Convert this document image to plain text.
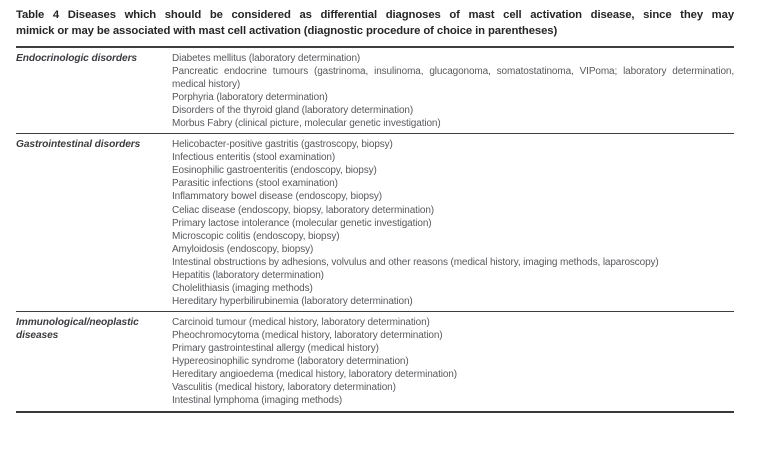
Table 4 Diseases which should be considered as differential diagnoses of mast cell activation disease, since they may
mimick or may be associated with mast cell activation (diagnostic procedure of choice in parentheses)
Endocrinologic disorders	Diabetes mellitus (laboratory determination)
Pancreatic endocrine tumours (gastrinoma, insulinoma, glucagonoma, somatostatinoma, VIPoma; laboratory determination, medical history)
Porphyria (laboratory determination)
Disorders of the thyroid gland (laboratory determination)
Morbus Fabry (clinical picture, molecular genetic investigation)
Gastrointestinal disorders	Helicobacter-positive gastritis (gastroscopy, biopsy)
Infectious enteritis (stool examination)
Eosinophilic gastroenteritis (endoscopy, biopsy)
Parasitic infections (stool examination)
Inflammatory bowel disease (endoscopy, biopsy)
Celiac disease (endoscopy, biopsy, laboratory determination)
Primary lactose intolerance (molecular genetic investigation)
Microscopic colitis (endoscopy, biopsy)
Amyloidosis (endoscopy, biopsy)
Intestinal obstructions by adhesions, volvulus and other reasons (medical history, imaging methods, laparoscopy)
Hepatitis (laboratory determination)
Cholelithiasis (imaging methods)
Hereditary hyperbilirubinemia (laboratory determination)
Immunological/neoplastic diseases
Carcinoid tumour (medical history, laboratory determination)
Pheochromocytoma (medical history, laboratory determination)
Primary gastrointestinal allergy (medical history)
Hypereosinophilic syndrome (laboratory determination)
Hereditary angioedema (medical history, laboratory determination)
Vasculitis (medical history, laboratory determination)
Intestinal lymphoma (imaging methods)
